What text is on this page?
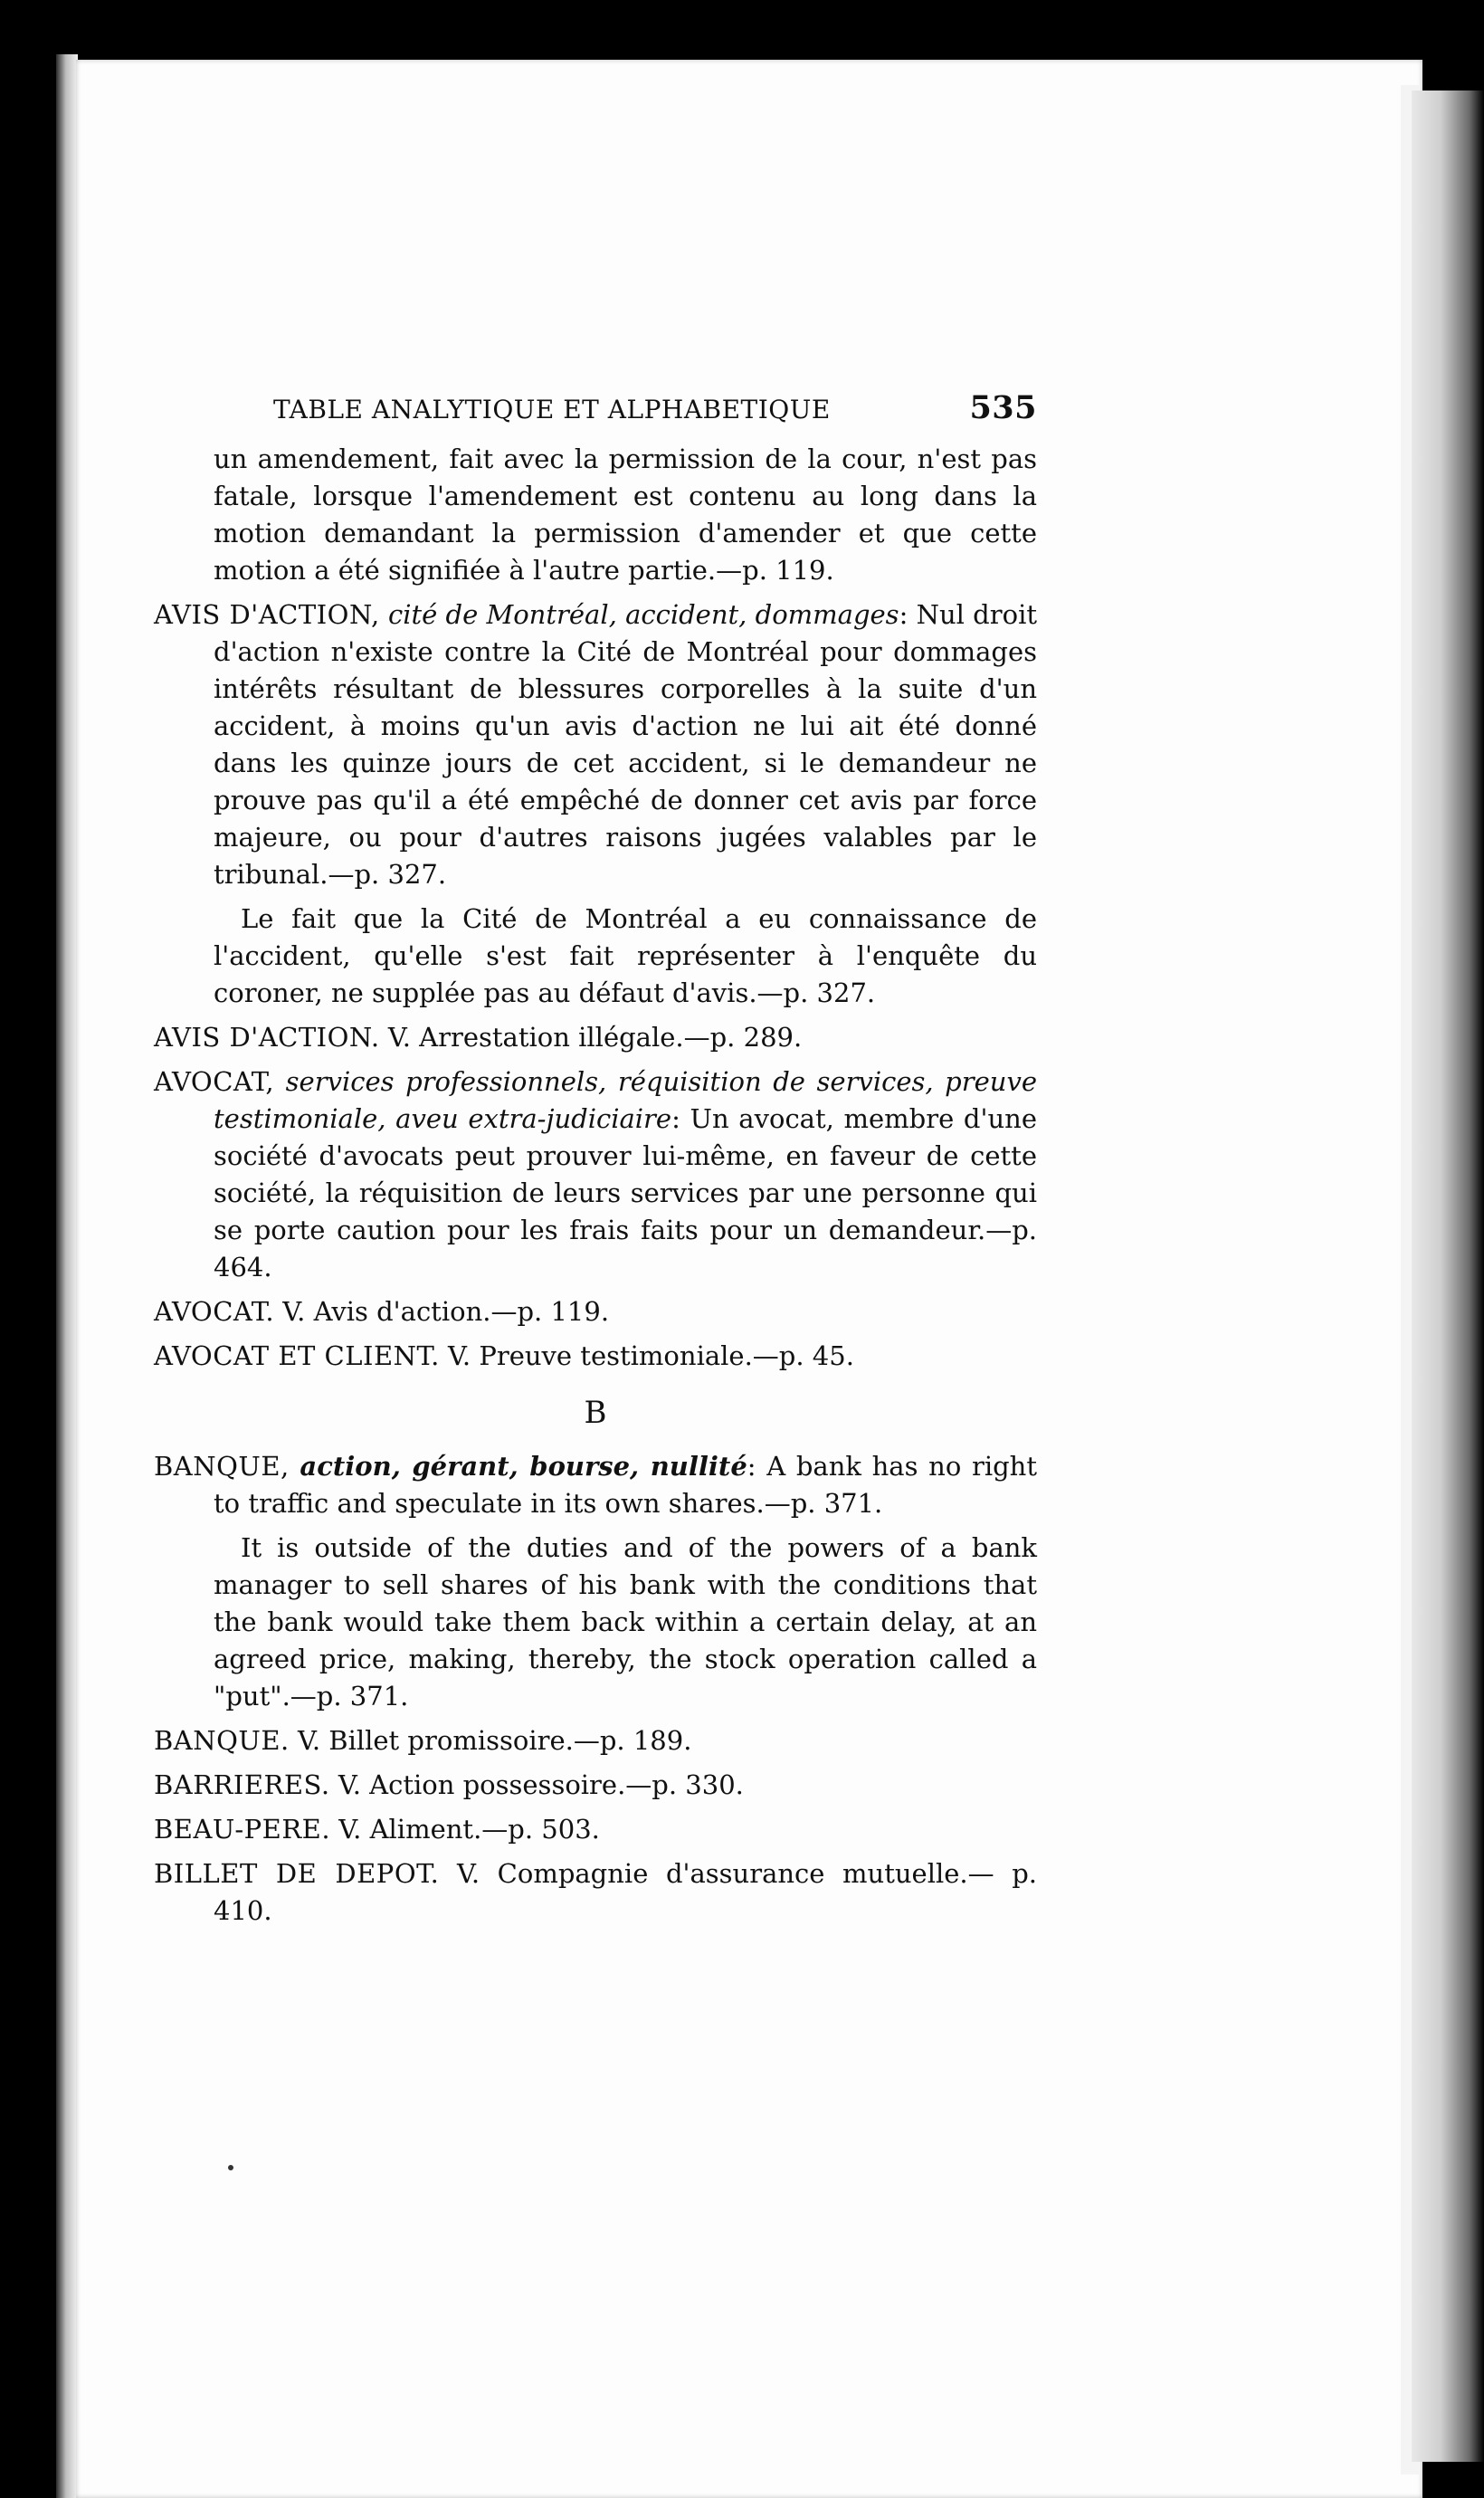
TABLE ANALYTIQUE ET ALPHABETIQUE	535

un amendement, fait avec la permission de la cour, n'est pas fatale, lorsque l'amendement est contenu au long dans la motion demandant la permission d'amender et que cette motion a été signifiée à l'autre partie.—p. 119.

AVIS D'ACTION, cité de Montréal, accident, dommages: Nul droit d'action n'existe contre la Cité de Montréal pour dommages intérêts résultant de blessures corporelles à la suite d'un accident, à moins qu'un avis d'action ne lui ait été donné dans les quinze jours de cet accident, si le demandeur ne prouve pas qu'il a été empêché de donner cet avis par force majeure, ou pour d'autres raisons jugées valables par le tribunal.—p. 327.

Le fait que la Cité de Montréal a eu connaissance de l'accident, qu'elle s'est fait représenter à l'enquête du coroner, ne supplée pas au défaut d'avis.—p. 327.

AVIS D'ACTION. V. Arrestation illégale.—p. 289.

AVOCAT, services professionnels, réquisition de services, preuve testimoniale, aveu extra-judiciaire: Un avocat, membre d'une société d'avocats peut prouver lui-même, en faveur de cette société, la réquisition de leurs services par une personne qui se porte caution pour les frais faits pour un demandeur.—p. 464.

AVOCAT. V. Avis d'action.—p. 119.

AVOCAT ET CLIENT. V. Preuve testimoniale.—p. 45.

B

BANQUE, action, gérant, bourse, nullité: A bank has no right to traffic and speculate in its own shares.—p. 371.

It is outside of the duties and of the powers of a bank manager to sell shares of his bank with the conditions that the bank would take them back within a certain delay, at an agreed price, making, thereby, the stock operation called a "put".—p. 371.

BANQUE. V. Billet promissoire.—p. 189.

BARRIERES. V. Action possessoire.—p. 330.

BEAU-PERE. V. Aliment.—p. 503.

BILLET DE DEPOT. V. Compagnie d'assurance mutuelle.— p. 410.
